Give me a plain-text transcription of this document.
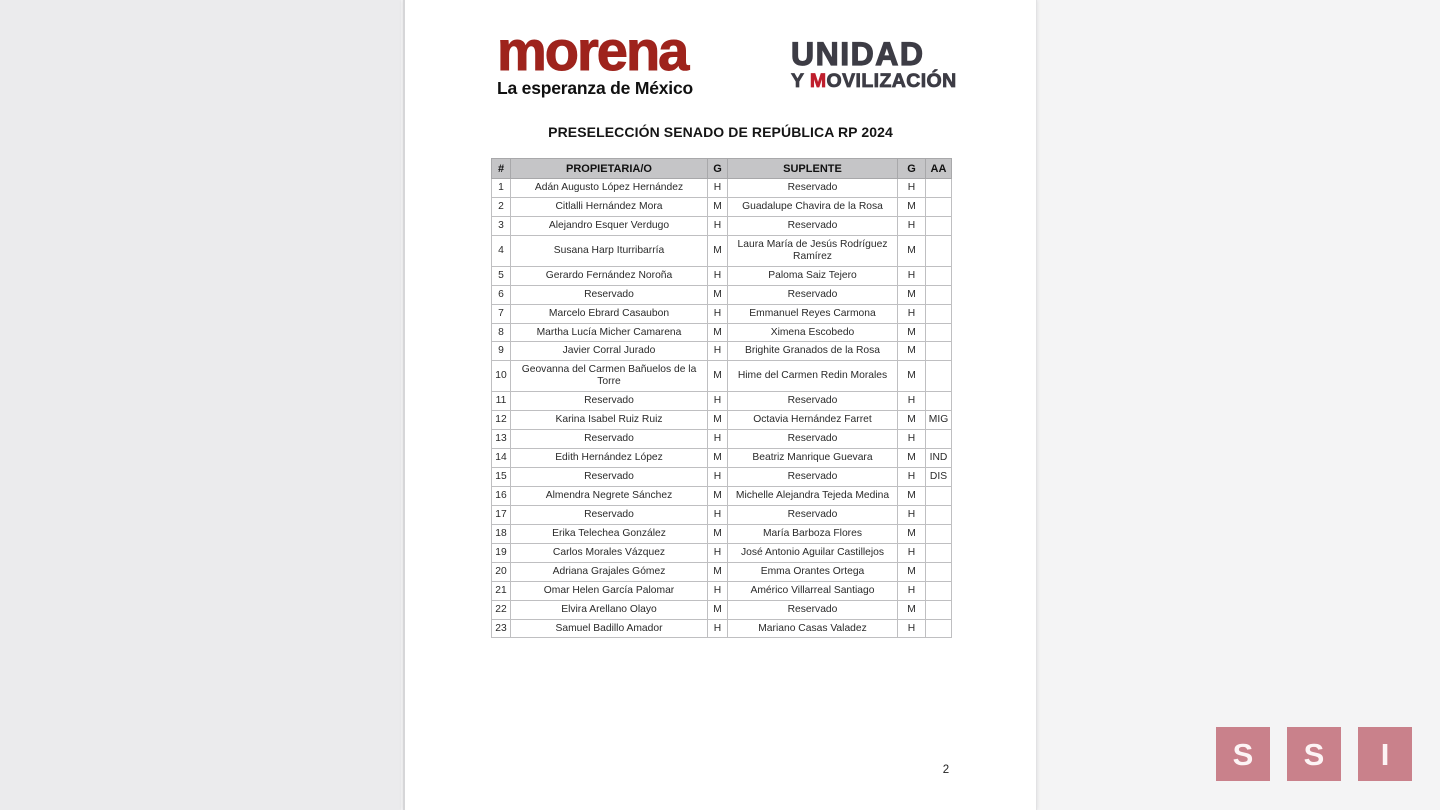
morena
La esperanza de México
UNIDAD
Y MOVILIZACIÓN
PRESELECCIÓN SENADO DE REPÚBLICA RP 2024
#	PROPIETARIA/O	G	SUPLENTE	G	AA
1	Adán Augusto López Hernández	H	Reservado	H	
2	Citlalli Hernández Mora	M	Guadalupe Chavira de la Rosa	M	
3	Alejandro Esquer Verdugo	H	Reservado	H	
4	Susana Harp Iturribarría	M	Laura María de Jesús Rodríguez Ramírez	M	
5	Gerardo Fernández Noroña	H	Paloma Saiz Tejero	H	
6	Reservado	M	Reservado	M	
7	Marcelo Ebrard Casaubon	H	Emmanuel Reyes Carmona	H	
8	Martha Lucía Micher Camarena	M	Ximena Escobedo	M	
9	Javier Corral Jurado	H	Brighite Granados de la Rosa	M	
10	Geovanna del Carmen Bañuelos de la Torre	M	Hime del Carmen Redin Morales	M	
11	Reservado	H	Reservado	H	
12	Karina Isabel Ruiz Ruiz	M	Octavia Hernández Farret	M	MIG
13	Reservado	H	Reservado	H	
14	Edith Hernández López	M	Beatriz Manrique Guevara	M	IND
15	Reservado	H	Reservado	H	DIS
16	Almendra Negrete Sánchez	M	Michelle Alejandra Tejeda Medina	M	
17	Reservado	H	Reservado	H	
18	Erika Telechea González	M	María Barboza Flores	M	
19	Carlos Morales Vázquez	H	José Antonio Aguilar Castillejos	H	
20	Adriana Grajales Gómez	M	Emma Orantes Ortega	M	
21	Omar Helen García Palomar	H	Américo Villarreal Santiago	H	
22	Elvira Arellano Olayo	M	Reservado	M	
23	Samuel Badillo Amador	H	Mariano Casas Valadez	H	
2	S	S	I
